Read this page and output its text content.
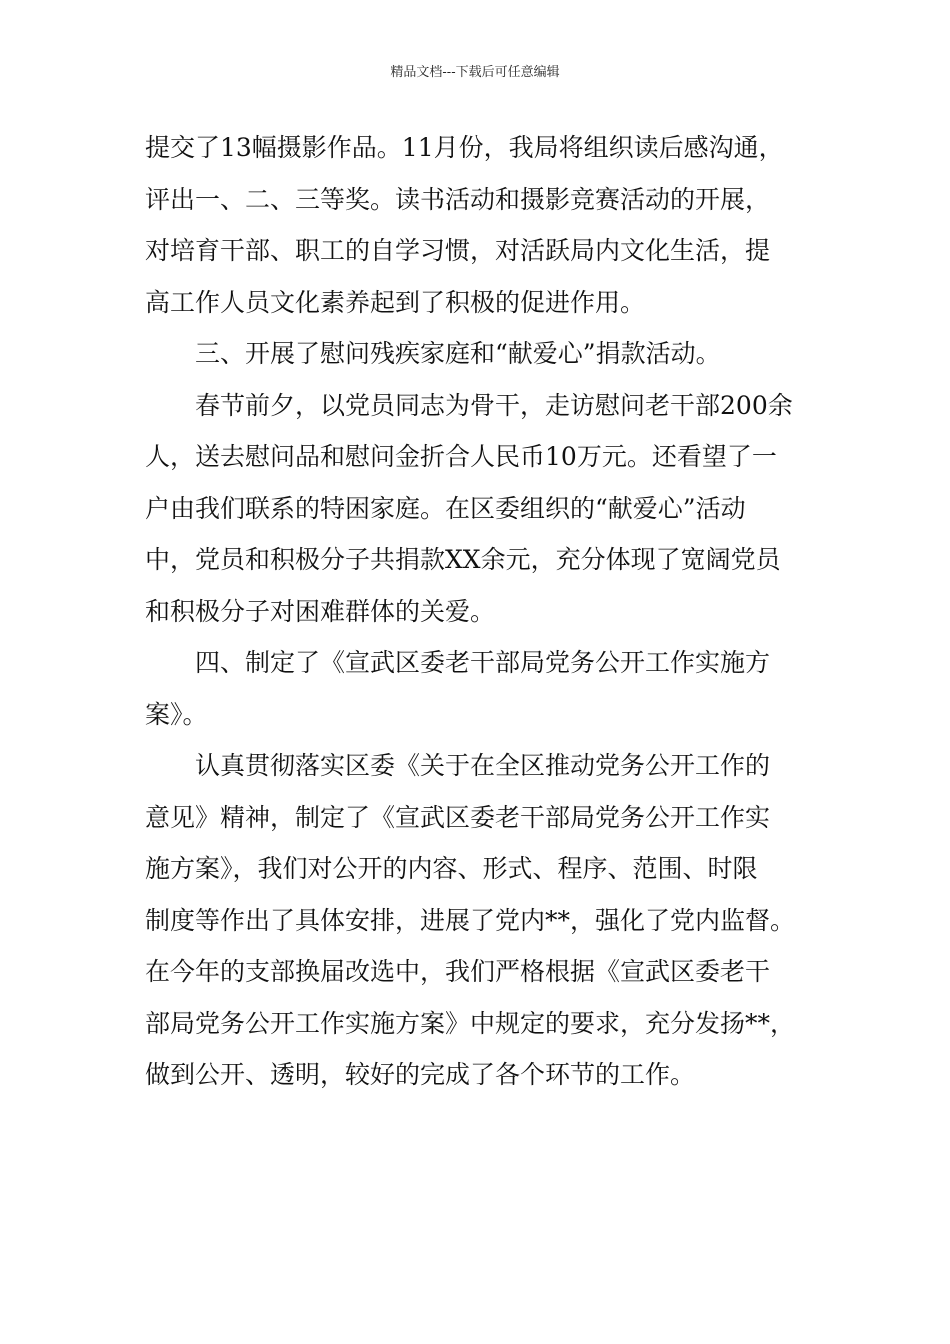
精品文档---下载后可任意编辑
提交了13幅摄影作品。11月份，我局将组织读后感沟通，
评出一、二、三等奖。读书活动和摄影竞赛活动的开展，
对培育干部、职工的自学习惯，对活跃局内文化生活，提
高工作人员文化素养起到了积极的促进作用。
三、开展了慰问残疾家庭和“献爱心”捐款活动。
春节前夕，以党员同志为骨干，走访慰问老干部200余
人，送去慰问品和慰问金折合人民币10万元。还看望了一
户由我们联系的特困家庭。在区委组织的“献爱心”活动
中，党员和积极分子共捐款XX余元，充分体现了宽阔党员
和积极分子对困难群体的关爱。
四、制定了《宣武区委老干部局党务公开工作实施方
案》。
认真贯彻落实区委《关于在全区推动党务公开工作的
意见》精神，制定了《宣武区委老干部局党务公开工作实
施方案》，我们对公开的内容、形式、程序、范围、时限
制度等作出了具体安排，进展了党内**，强化了党内监督。
在今年的支部换届改选中，我们严格根据《宣武区委老干
部局党务公开工作实施方案》中规定的要求，充分发扬**，
做到公开、透明，较好的完成了各个环节的工作。
